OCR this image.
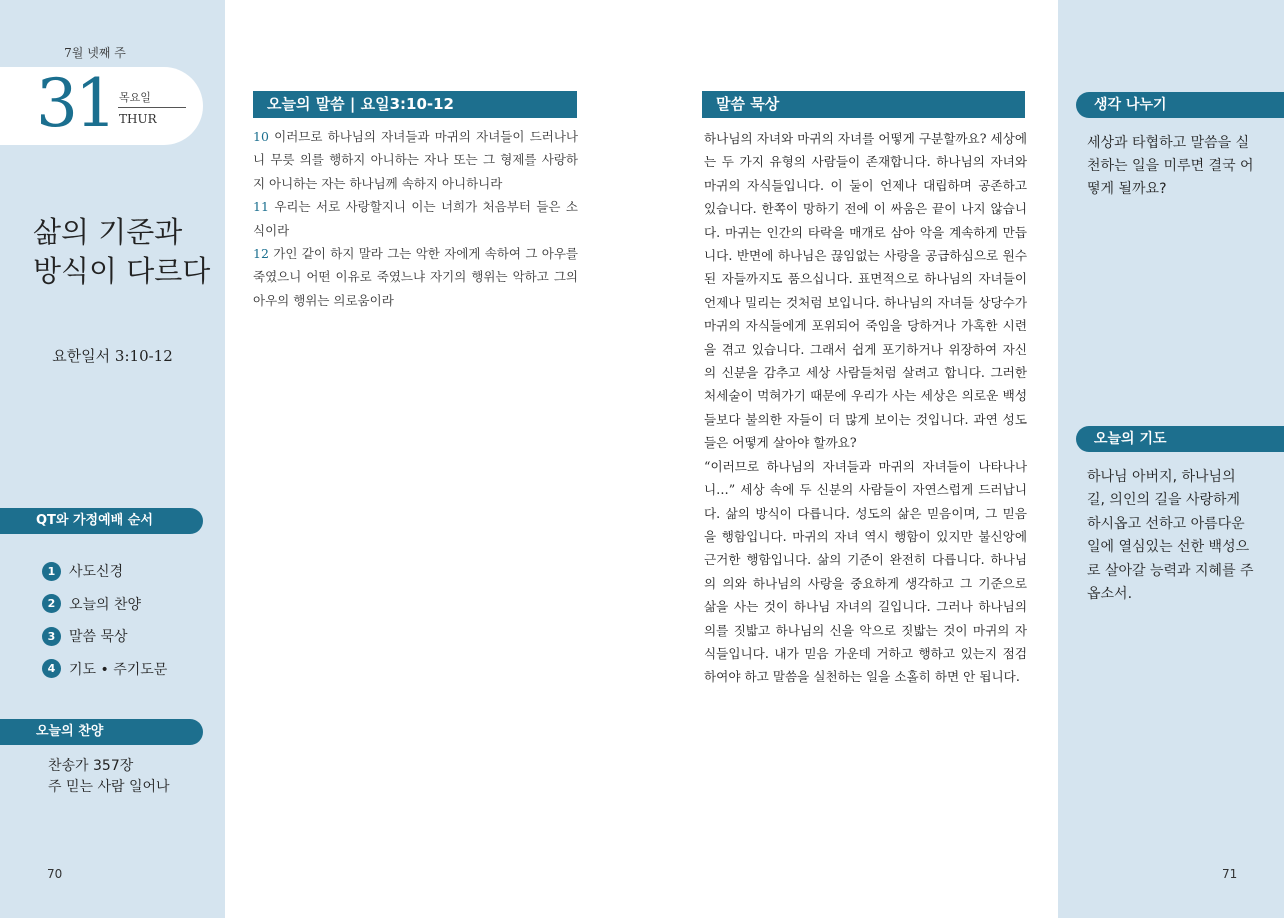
7월 넷째 주
31 목요일
THUR
삶의 기준과
방식이 다르다
요한일서 3:10-12
QT와 가정예배 순서
1 사도신경
2 오늘의 찬양
3 말씀 묵상
4 기도 • 주기도문
오늘의 찬양
찬송가 357장
주 믿는 사람 일어나
70
오늘의 말씀 | 요일3:10-12
10 이러므로 하나님의 자녀들과 마귀의 자녀들이 드러나나니 무릇 의를 행하지 아니하는 자나 또는 그 형제를 사랑하지 아니하는 자는 하나님께 속하지 아니하니라
11 우리는 서로 사랑할지니 이는 너희가 처음부터 들은 소식이라
12 가인 같이 하지 말라 그는 악한 자에게 속하여 그 아우를 죽였으니 어떤 이유로 죽였느냐 자기의 행위는 악하고 그의 아우의 행위는 의로움이라
말씀 묵상

하나님의 자녀와 마귀의 자녀를 어떻게 구분할까요? 세상에는 두 가지 유형의 사람들이 존재합니다. 하나님의 자녀와 마귀의 자식들입니다. 이 둘이 언제나 대립하며 공존하고 있습니다. 한쪽이 망하기 전에 이 싸움은 끝이 나지 않습니다. 마귀는 인간의 타락을 매개로 삼아 악을 계속하게 만듭니다. 반면에 하나님은 끊임없는 사랑을 공급하심으로 원수된 자들까지도 품으십니다. 표면적으로 하나님의 자녀들이 언제나 밀리는 것처럼 보입니다. 하나님의 자녀들 상당수가 마귀의 자식들에게 포위되어 죽임을 당하거나 가혹한 시련을 겪고 있습니다. 그래서 쉽게 포기하거나 위장하여 자신의 신분을 감추고 세상 사람들처럼 살려고 합니다. 그러한 처세술이 먹혀가기 때문에 우리가 사는 세상은 의로운 백성들보다 불의한 자들이 더 많게 보이는 것입니다. 과연 성도들은 어떻게 살아야 할까요?

“이러므로 하나님의 자녀들과 마귀의 자녀들이 나타나나니…” 세상 속에 두 신분의 사람들이 자연스럽게 드러납니다. 삶의 방식이 다릅니다. 성도의 삶은 믿음이며, 그 믿음을 행함입니다. 마귀의 자녀 역시 행함이 있지만 불신앙에 근거한 행함입니다. 삶의 기준이 완전히 다릅니다. 하나님의 의와 하나님의 사랑을 중요하게 생각하고 그 기준으로 삶을 사는 것이 하나님 자녀의 길입니다. 그러나 하나님의 의를 짓밟고 하나님의 신을 악으로 짓밟는 것이 마귀의 자식들입니다. 내가 믿음 가운데 거하고 행하고 있는지 점검하여야 하고 말씀을 실천하는 일을 소홀히 하면 안 됩니다.

생각 나누기
세상과 타협하고 말씀을 실천하는 일을 미루면 결국 어떻게 될까요?
오늘의 기도
하나님 아버지, 하나님의 길, 의인의 길을 사랑하게 하시옵고 선하고 아름다운 일에 열심있는 선한 백성으로 살아갈 능력과 지혜를 주옵소서.
71
